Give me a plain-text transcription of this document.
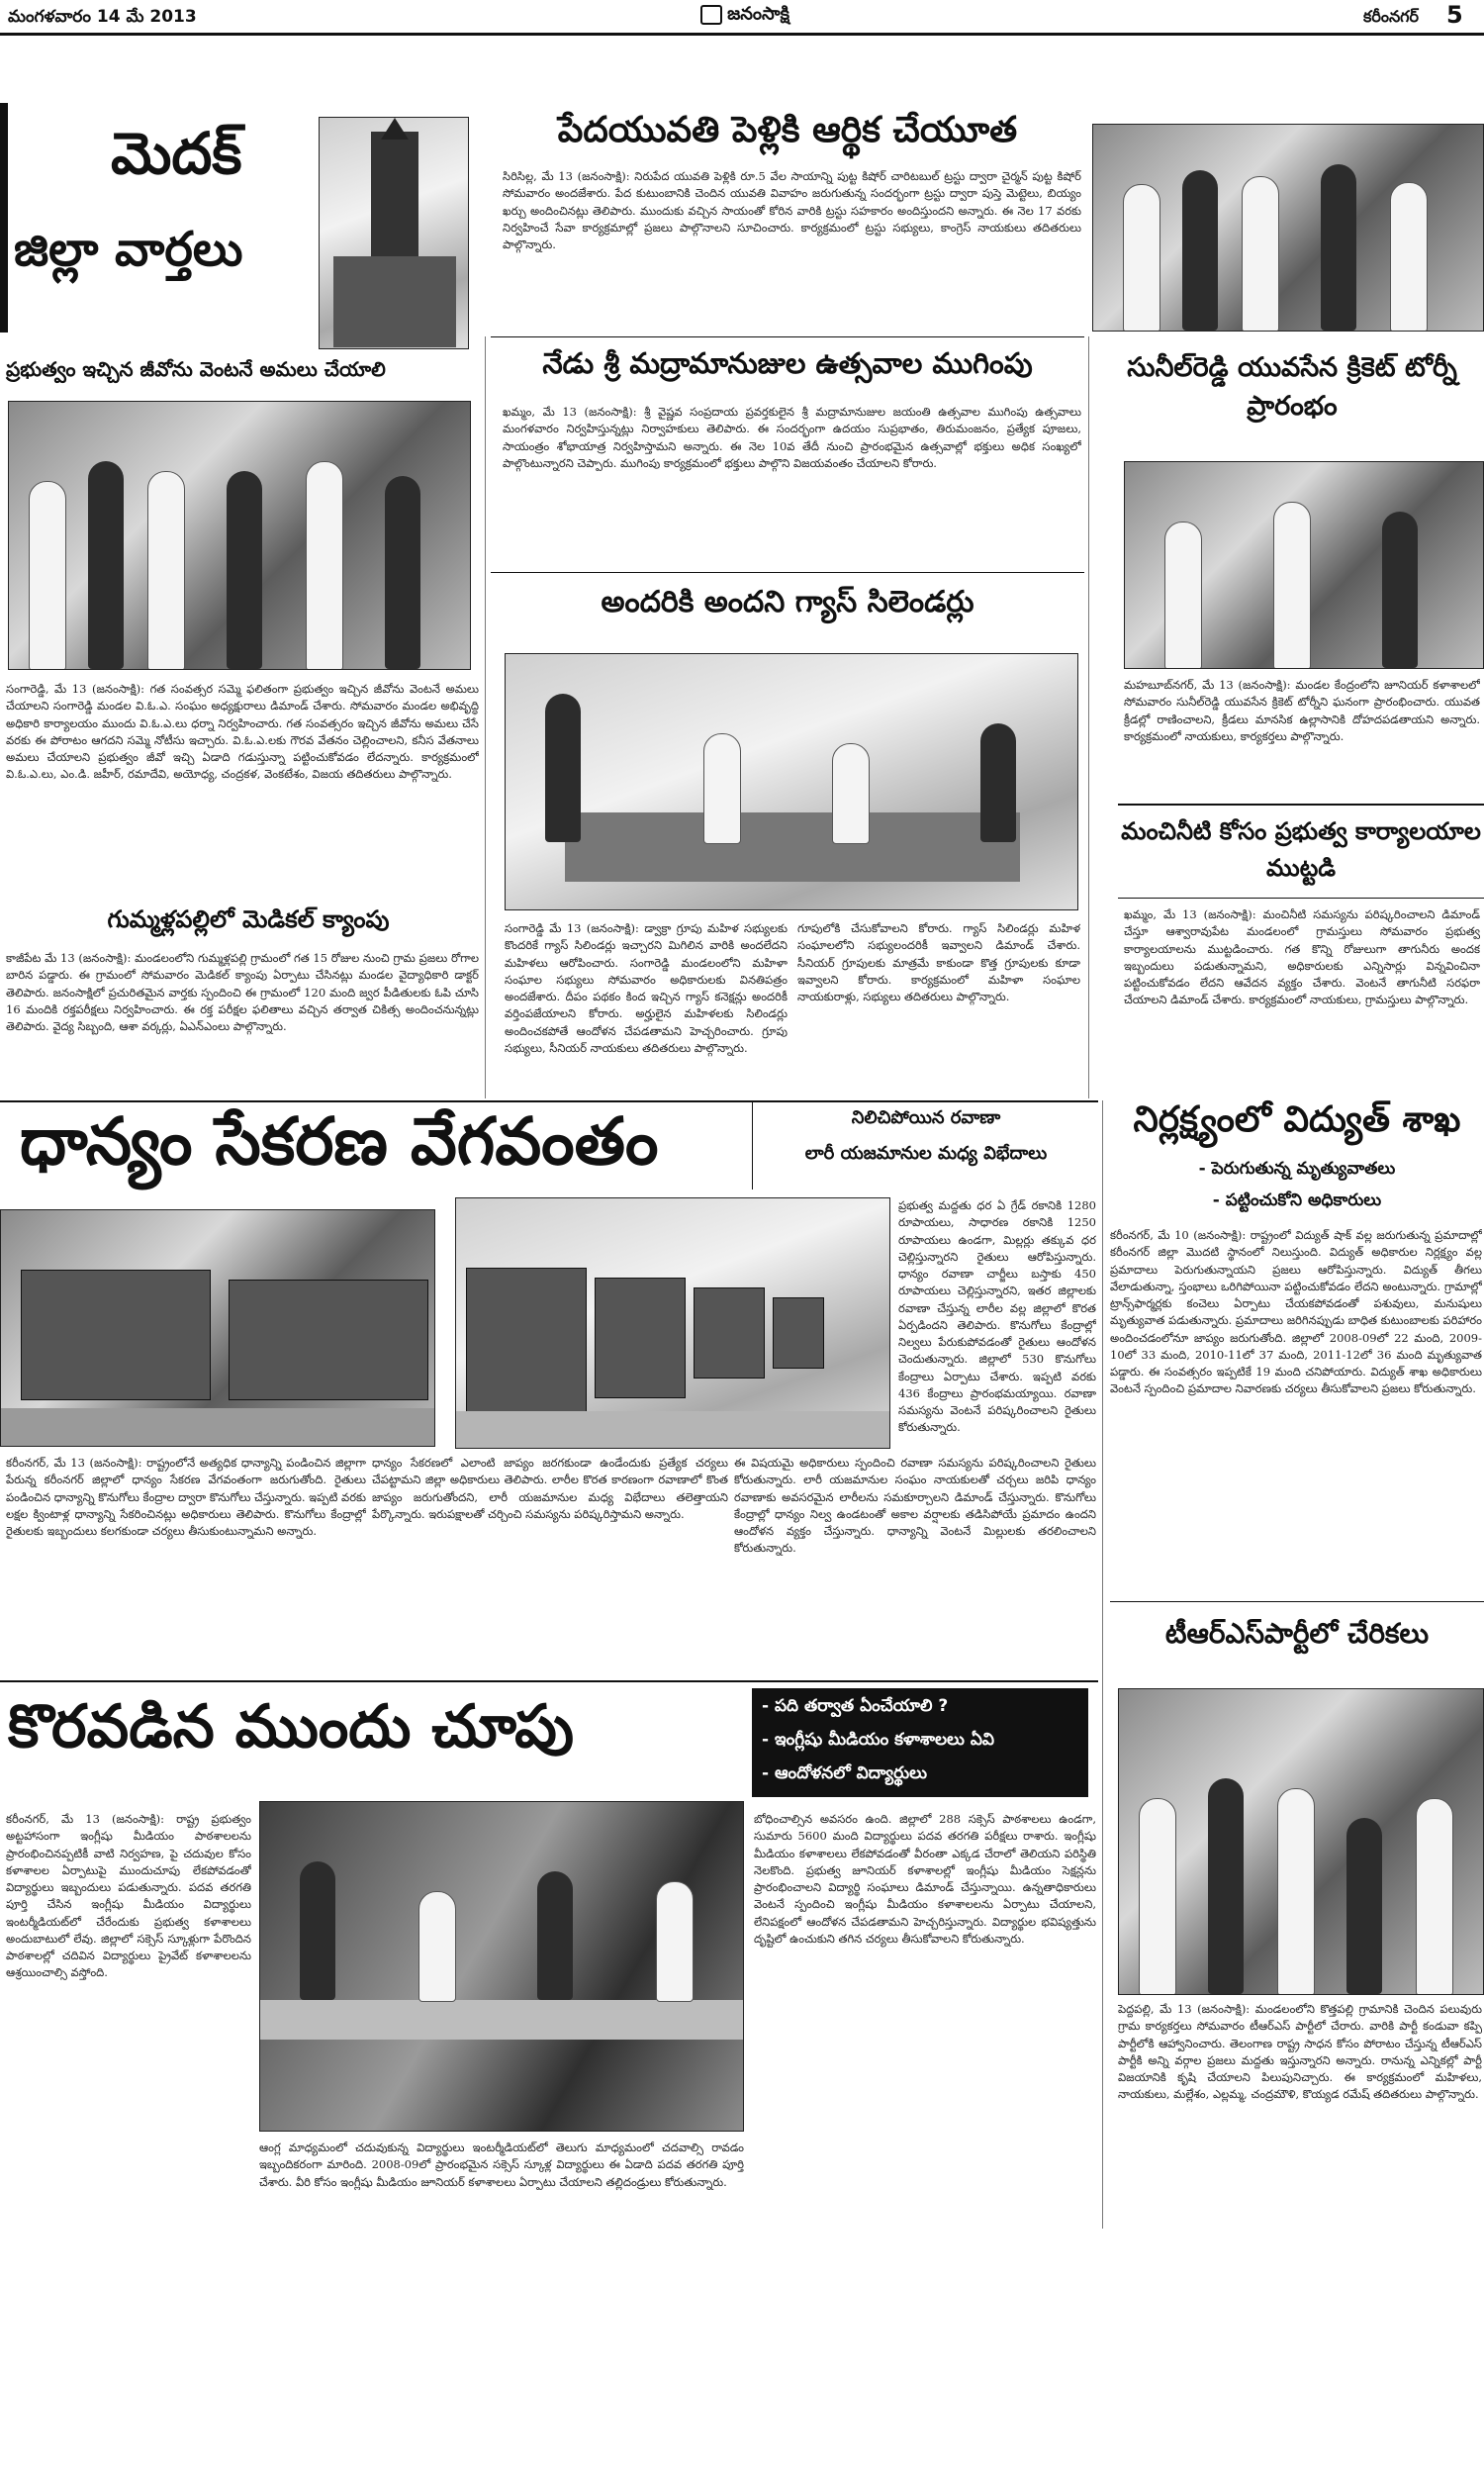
మంగళవారం 14 మే 2013	జనంసాక్షి	కరీంనగర్ 5
మెదక్
జిల్లా వార్తలు
పేదయువతి పెళ్లికి ఆర్థిక చేయూత
సిరిసిల్ల, మే 13 (జనంసాక్షి): నిరుపేద యువతి పెళ్లికి రూ.5 వేల సాయాన్ని పుట్ట కిషోర్ చారిటబుల్ ట్రస్టు ద్వారా చైర్మన్ పుట్ట కిషోర్ సోమవారం అందజేశారు. పేద కుటుంబానికి చెందిన యువతి వివాహం జరుగుతున్న సందర్భంగా ట్రస్టు ద్వారా పుస్తె మెట్టెలు, బియ్యం ఖర్చు అందించినట్లు తెలిపారు. ముందుకు వచ్చిన సాయంతో కోరిన వారికి ట్రస్టు సహకారం అందిస్తుందని అన్నారు. ఈ నెల 17 వరకు నిర్వహించే సేవా కార్యక్రమాల్లో ప్రజలు పాల్గొనాలని సూచించారు. కార్యక్రమంలో ట్రస్టు సభ్యులు, కాంగ్రెస్ నాయకులు తదితరులు పాల్గొన్నారు.
ప్రభుత్వం ఇచ్చిన జీవోను వెంటనే అమలు చేయాలి
సంగారెడ్డి, మే 13 (జనంసాక్షి): గత సంవత్సర సమ్మె ఫలితంగా ప్రభుత్వం ఇచ్చిన జీవోను వెంటనే అమలు చేయాలని సంగారెడ్డి మండల వి.ఓ.ఎ. సంఘం అధ్యక్షురాలు డిమాండ్ చేశారు. సోమవారం మండల అభివృద్ధి అధికారి కార్యాలయం ముందు వి.ఓ.ఎ.లు ధర్నా నిర్వహించారు. గత సంవత్సరం ఇచ్చిన జీవోను అమలు చేసే వరకు ఈ పోరాటం ఆగదని సమ్మె నోటీసు ఇచ్చారు. వి.ఓ.ఎ.లకు గౌరవ వేతనం చెల్లించాలని, కనీస వేతనాలు అమలు చేయాలని ప్రభుత్వం జీవో ఇచ్చి ఏడాది గడుస్తున్నా పట్టించుకోవడం లేదన్నారు. కార్యక్రమంలో వి.ఓ.ఎ.లు, ఎం.డి. జహీర్, రమాదేవి, అయోధ్య, చంద్రకళ, వెంకటేశం, విజయ తదితరులు పాల్గొన్నారు.
నేడు శ్రీ మద్రామానుజుల ఉత్సవాల ముగింపు
ఖమ్మం, మే 13 (జనంసాక్షి): శ్రీ వైష్ణవ సంప్రదాయ ప్రవర్తకులైన శ్రీ మద్రామానుజుల జయంతి ఉత్సవాల ముగింపు ఉత్సవాలు మంగళవారం నిర్వహిస్తున్నట్లు నిర్వాహకులు తెలిపారు. ఈ సందర్భంగా ఉదయం సుప్రభాతం, తిరుమంజనం, ప్రత్యేక పూజలు, సాయంత్రం శోభాయాత్ర నిర్వహిస్తామని అన్నారు. ఈ నెల 10వ తేదీ నుంచి ప్రారంభమైన ఉత్సవాల్లో భక్తులు అధిక సంఖ్యలో పాల్గొంటున్నారని చెప్పారు. ముగింపు కార్యక్రమంలో భక్తులు పాల్గొని విజయవంతం చేయాలని కోరారు.
అందరికి అందని గ్యాస్ సిలెండర్లు
సంగారెడ్డి మే 13 (జనంసాక్షి): డ్వాక్రా గ్రూపు మహిళ సభ్యులకు కొందరికే గ్యాస్ సిలిండర్లు ఇచ్చారని మిగిలిన వారికి అందలేదని మహిళలు ఆరోపించారు. సంగారెడ్డి మండలంలోని మహిళా సంఘాల సభ్యులు సోమవారం అధికారులకు వినతిపత్రం అందజేశారు. దీపం పథకం కింద ఇచ్చిన గ్యాస్ కనెక్షన్లు అందరికీ వర్తింపజేయాలని కోరారు. అర్హులైన మహిళలకు సిలిండర్లు అందించకపోతే ఆందోళన చేపడతామని హెచ్చరించారు. గ్రూపు సభ్యులు, సీనియర్ నాయకులు తదితరులు పాల్గొన్నారు.
గూపులోకి చేసుకోవాలని కోరారు. గ్యాస్ సిలిండర్లు మహిళ సంఘాలలోని సభ్యులందరికీ ఇవ్వాలని డిమాండ్ చేశారు. సీనియర్ గ్రూపులకు మాత్రమే కాకుండా కొత్త గ్రూపులకు కూడా ఇవ్వాలని కోరారు. కార్యక్రమంలో మహిళా సంఘాల నాయకురాళ్లు, సభ్యులు తదితరులు పాల్గొన్నారు.
సునీల్‌రెడ్డి యువసేన క్రికెట్ టోర్నీ ప్రారంభం
మహబూబ్‌నగర్, మే 13 (జనంసాక్షి): మండల కేంద్రంలోని జూనియర్ కళాశాలలో సోమవారం సునీల్‌రెడ్డి యువసేన క్రికెట్ టోర్నీని ఘనంగా ప్రారంభించారు. యువత క్రీడల్లో రాణించాలని, క్రీడలు మానసిక ఉల్లాసానికి దోహదపడతాయని అన్నారు. కార్యక్రమంలో నాయకులు, కార్యకర్తలు పాల్గొన్నారు.
మంచినీటి కోసం ప్రభుత్వ కార్యాలయాల ముట్టడి
ఖమ్మం, మే 13 (జనంసాక్షి): మంచినీటి సమస్యను పరిష్కరించాలని డిమాండ్ చేస్తూ ఆశ్వారావుపేట మండలంలో గ్రామస్తులు సోమవారం ప్రభుత్వ కార్యాలయాలను ముట్టడించారు. గత కొన్ని రోజులుగా తాగునీరు అందక ఇబ్బందులు పడుతున్నామని, అధికారులకు ఎన్నిసార్లు విన్నవించినా పట్టించుకోవడం లేదని ఆవేదన వ్యక్తం చేశారు. వెంటనే తాగునీటి సరఫరా చేయాలని డిమాండ్ చేశారు. కార్యక్రమంలో నాయకులు, గ్రామస్తులు పాల్గొన్నారు.
గుమ్మళ్లపల్లిలో మెడికల్ క్యాంపు
కాజీపేట మే 13 (జనంసాక్షి): మండలంలోని గుమ్మళ్లపల్లి గ్రామంలో గత 15 రోజుల నుంచి గ్రామ ప్రజలు రోగాల బారిన పడ్డారు. ఈ గ్రామంలో సోమవారం మెడికల్ క్యాంపు ఏర్పాటు చేసినట్లు మండల వైద్యాధికారి డాక్టర్ తెలిపారు. జనంసాక్షిలో ప్రచురితమైన వార్తకు స్పందించి ఈ గ్రామంలో 120 మంది జ్వర పీడితులకు ఓపి చూసి 16 మందికి రక్తపరీక్షలు నిర్వహించారు. ఈ రక్త పరీక్షల ఫలితాలు వచ్చిన తర్వాత చికిత్స అందించనున్నట్లు తెలిపారు. వైద్య సిబ్బంది, ఆశా వర్కర్లు, ఏఎన్ఎంలు పాల్గొన్నారు.
ధాన్యం సేకరణ వేగవంతం	నిలిచిపోయిన రవాణా
లారీ యజమానుల మధ్య విభేదాలు
ప్రభుత్వ మద్దతు ధర ఏ గ్రేడ్ రకానికి 1280 రూపాయలు, సాధారణ రకానికి 1250 రూపాయలు ఉండగా, మిల్లర్లు తక్కువ ధర చెల్లిస్తున్నారని రైతులు ఆరోపిస్తున్నారు. ధాన్యం రవాణా చార్జీలు బస్తాకు 450 రూపాయలు చెల్లిస్తున్నారని, ఇతర జిల్లాలకు రవాణా చేస్తున్న లారీల వల్ల జిల్లాలో కొరత ఏర్పడిందని తెలిపారు. కొనుగోలు కేంద్రాల్లో నిల్వలు పేరుకుపోవడంతో రైతులు ఆందోళన చెందుతున్నారు. జిల్లాలో 530 కొనుగోలు కేంద్రాలు ఏర్పాటు చేశారు. ఇప్పటి వరకు 436 కేంద్రాలు ప్రారంభమయ్యాయి. రవాణా సమస్యను వెంటనే పరిష్కరించాలని రైతులు కోరుతున్నారు.
కరీంనగర్, మే 13 (జనంసాక్షి): రాష్ట్రంలోనే అత్యధిక ధాన్యాన్ని పండించిన జిల్లాగా పేరున్న కరీంనగర్ జిల్లాలో ధాన్యం సేకరణ వేగవంతంగా జరుగుతోంది. రైతులు పండించిన ధాన్యాన్ని కొనుగోలు కేంద్రాల ద్వారా కొనుగోలు చేస్తున్నారు. ఇప్పటి వరకు లక్షల క్వింటాళ్ల ధాన్యాన్ని సేకరించినట్లు అధికారులు తెలిపారు. కొనుగోలు కేంద్రాల్లో రైతులకు ఇబ్బందులు కలగకుండా చర్యలు తీసుకుంటున్నామని అన్నారు.
ధాన్యం సేకరణలో ఎలాంటి జాప్యం జరగకుండా ఉండేందుకు ప్రత్యేక చర్యలు చేపట్టామని జిల్లా అధికారులు తెలిపారు. లారీల కొరత కారణంగా రవాణాలో కొంత జాప్యం జరుగుతోందని, లారీ యజమానుల మధ్య విభేదాలు తలెత్తాయని పేర్కొన్నారు. ఇరుపక్షాలతో చర్చించి సమస్యను పరిష్కరిస్తామని అన్నారు.
ఈ విషయమై అధికారులు స్పందించి రవాణా సమస్యను పరిష్కరించాలని రైతులు కోరుతున్నారు. లారీ యజమానుల సంఘం నాయకులతో చర్చలు జరిపి ధాన్యం రవాణాకు అవసరమైన లారీలను సమకూర్చాలని డిమాండ్ చేస్తున్నారు. కొనుగోలు కేంద్రాల్లో ధాన్యం నిల్వ ఉండటంతో అకాల వర్షాలకు తడిసిపోయే ప్రమాదం ఉందని ఆందోళన వ్యక్తం చేస్తున్నారు. ధాన్యాన్ని వెంటనే మిల్లులకు తరలించాలని కోరుతున్నారు.
నిర్లక్ష్యంలో విద్యుత్ శాఖ
- పెరుగుతున్న మృత్యువాతలు
- పట్టించుకోని అధికారులు
కరీంనగర్, మే 10 (జనంసాక్షి): రాష్ట్రంలో విద్యుత్ షాక్ వల్ల జరుగుతున్న ప్రమాదాల్లో కరీంనగర్ జిల్లా మొదటి స్థానంలో నిలుస్తుంది. విద్యుత్ అధికారుల నిర్లక్ష్యం వల్ల ప్రమాదాలు పెరుగుతున్నాయని ప్రజలు ఆరోపిస్తున్నారు. విద్యుత్ తీగలు వేలాడుతున్నా, స్తంభాలు ఒరిగిపోయినా పట్టించుకోవడం లేదని అంటున్నారు. గ్రామాల్లో ట్రాన్స్‌ఫార్మర్లకు కంచెలు ఏర్పాటు చేయకపోవడంతో పశువులు, మనుషులు మృత్యువాత పడుతున్నారు. ప్రమాదాలు జరిగినప్పుడు బాధిత కుటుంబాలకు పరిహారం అందించడంలోనూ జాప్యం జరుగుతోంది. జిల్లాలో 2008-09లో 22 మంది, 2009-10లో 33 మంది, 2010-11లో 37 మంది, 2011-12లో 36 మంది మృత్యువాత పడ్డారు. ఈ సంవత్సరం ఇప్పటికే 19 మంది చనిపోయారు. విద్యుత్ శాఖ అధికారులు వెంటనే స్పందించి ప్రమాదాల నివారణకు చర్యలు తీసుకోవాలని ప్రజలు కోరుతున్నారు.
టీఆర్‌ఎస్‌పార్టీలో చేరికలు
పెద్దపల్లి, మే 13 (జనంసాక్షి): మండలంలోని కొత్తపల్లి గ్రామానికి చెందిన పలువురు గ్రామ కార్యకర్తలు సోమవారం టీఆర్‌ఎస్ పార్టీలో చేరారు. వారికి పార్టీ కండువా కప్పి పార్టీలోకి ఆహ్వానించారు. తెలంగాణ రాష్ట్ర సాధన కోసం పోరాటం చేస్తున్న టీఆర్‌ఎస్ పార్టీకి అన్ని వర్గాల ప్రజలు మద్దతు ఇస్తున్నారని అన్నారు. రానున్న ఎన్నికల్లో పార్టీ విజయానికి కృషి చేయాలని పిలుపునిచ్చారు. ఈ కార్యక్రమంలో మహిళలు, నాయకులు, మల్లేశం, ఎల్లమ్మ, చంద్రమౌళి, కొయ్యడ రమేష్ తదితరులు పాల్గొన్నారు.
కొరవడిన ముందు చూపు	- పది తర్వాత ఏంచేయాలి ?
- ఇంగ్లీషు మీడియం కళాశాలలు ఏవి
- ఆందోళనలో విద్యార్థులు
కరీంనగర్, మే 13 (జనంసాక్షి): రాష్ట్ర ప్రభుత్వం అట్టహాసంగా ఇంగ్లీషు మీడియం పాఠశాలలను ప్రారంభించినప్పటికీ వాటి నిర్వహణ, పై చదువుల కోసం కళాశాలల ఏర్పాటుపై ముందుచూపు లేకపోవడంతో విద్యార్థులు ఇబ్బందులు పడుతున్నారు. పదవ తరగతి పూర్తి చేసిన ఇంగ్లీషు మీడియం విద్యార్థులు ఇంటర్మీడియట్‌లో చేరేందుకు ప్రభుత్వ కళాశాలలు అందుబాటులో లేవు. జిల్లాలో సక్సెస్ స్కూళ్లుగా పేరొందిన పాఠశాలల్లో చదివిన విద్యార్థులు ప్రైవేట్ కళాశాలలను ఆశ్రయించాల్సి వస్తోంది.
ఆంగ్ల మాధ్యమంలో చదువుకున్న విద్యార్థులు ఇంటర్మీడియట్‌లో తెలుగు మాధ్యమంలో చదవాల్సి రావడం ఇబ్బందికరంగా మారింది. 2008-09లో ప్రారంభమైన సక్సెస్ స్కూళ్ల విద్యార్థులు ఈ ఏడాది పదవ తరగతి పూర్తి చేశారు. వీరి కోసం ఇంగ్లీషు మీడియం జూనియర్ కళాశాలలు ఏర్పాటు చేయాలని తల్లిదండ్రులు కోరుతున్నారు.
బోధించాల్సిన అవసరం ఉంది. జిల్లాలో 288 సక్సెస్ పాఠశాలలు ఉండగా, సుమారు 5600 మంది విద్యార్థులు పదవ తరగతి పరీక్షలు రాశారు. ఇంగ్లీషు మీడియం కళాశాలలు లేకపోవడంతో వీరంతా ఎక్కడ చేరాలో తెలియని పరిస్థితి నెలకొంది. ప్రభుత్వ జూనియర్ కళాశాలల్లో ఇంగ్లీషు మీడియం సెక్షన్లను ప్రారంభించాలని విద్యార్థి సంఘాలు డిమాండ్ చేస్తున్నాయి. ఉన్నతాధికారులు వెంటనే స్పందించి ఇంగ్లీషు మీడియం కళాశాలలను ఏర్పాటు చేయాలని, లేనిపక్షంలో ఆందోళన చేపడతామని హెచ్చరిస్తున్నారు. విద్యార్థుల భవిష్యత్తును దృష్టిలో ఉంచుకుని తగిన చర్యలు తీసుకోవాలని కోరుతున్నారు.
